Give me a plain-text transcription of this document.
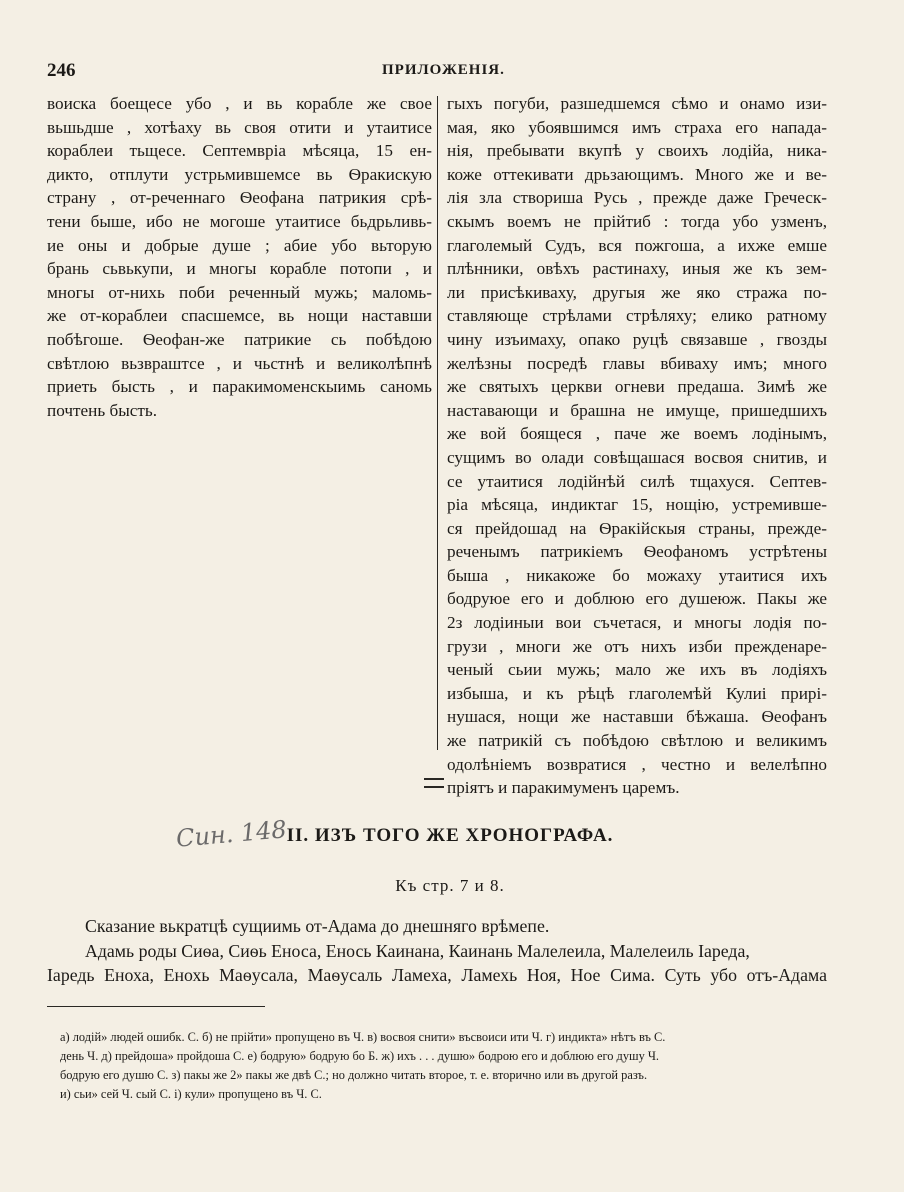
246	ПРИЛОЖЕНІЯ.
воиска боещесе убо , и вь корабле же свое
вьшьдше , хотѣаху вь своя отити и утаитисе
кораблеи тьщесе. Септемвріа мѣсяца, 15 ен-
дикто, отплути устрьмившемсе вь Ѳракискую
страну , от-реченнагo Ѳеофана патрикия срѣ-
тени быше, ибо не могоше утаитисе бьдрьливь-
ие оны и добрые душе ; абие убо вьторую
брань сьвькупи, и многы корабле потопи , и
многы от-нихь поби реченный мужь; маломь-
же от-кораблеи спасшемсе, вь нощи наставши
побѣгоше. Ѳеофан-же патрикие сь побѣдою
свѣтлою вьзвраштсе , и чьстнѣ и великолѣпнѣ
приеть бысть , и паракимоменскыимь санoмь
почтень бысть.
гыхъ погуби, разшедшемся сѣмо и онамо изи-
мая, яко убоявшимся имъ страха его нападa-
нія, пребывати вкупѣ у своихъ лодійа, ника-
коже оттекивати дрьзающимъ. Много же и ве-
лія зла створиша Русь , прежде даже Греческ-
скымъ воемъ не прійтиб : тогда убо узменъ,
глаголемый Судъ, вся пожгоша, а ихже емше
плѣнники, овѣхъ растинаху, иныя же къ зем-
ли присѣкиваху, другыя же яко стража по-
ставляюще стрѣлами стрѣляху; елико ратному
чину изъимаху, опако руцѣ связавше , гвозды
желѣзны посредѣ главы вбиваху имъ; много
же святыхъ церкви огневи предаша. Зимѣ же
наставающи и брашна не имуще, пришедшихъ
же вой боящеся , паче же воемъ лодінымъ,
сущимъ во олади совѣщашася восвоя снитив, и
се утаитися лодійнѣй силѣ тщахуся. Септев-
ріа мѣсяца, индиктаг 15, нощію, устремивше-
ся прейдошад на Ѳракійскыя страны, прежде-
реченымъ патрикіемъ Ѳеофаномъ устрѣтены
быша , никакоже бо можаху утаитися ихъ
бодруюе его и доблюю его душеюж. Пакы же
2з лодіиныи вои съчетася, и многы лодія по-
грузи , многи же отъ нихъ изби прежденаре-
ченый сьии мужь; мало же ихъ въ лодіяхъ
избыша, и къ рѣцѣ глаголемѣй Кулиі прирі-
нушася, нощи же наставши бѣжаша. Ѳеофанъ
же патрикій съ побѣдою свѣтлою и великимъ
одолѣніемъ возвратися , честно и велелѣпно
пріятъ и паракимуменъ царемъ.
Син. 148
II. ИЗЪ ТОГО ЖЕ ХРОНОГРАФА.
Къ стр. 7 и 8.
Сказание вькратцѣ сущиимь от-Адама до днешняго врѣмепе.
Адамь роды Сиѳа, Сиѳь Еноса, Енось Каинана, Каинань Малелеила, Малелеиль Іареда,
Іаредь Еноха, Енохь Маѳусала, Маѳусаль Ламеха, Ламехь Ноя, Ное Сима. Суть убо отъ-Адама
а) лодій» людей ошибк. С. б) не прійти» пропущено въ Ч. в) восвоя снити» въсвоиси ити Ч. г) индикта» нѣтъ въ С.
день Ч. д) прейдоша» пройдоша С. е) бодрую» бодрую бо Б. ж) ихъ . . . душю» бодрою его и доблюю его душу Ч.
бодрую его душю С. з) пакы же 2» пакы же двѣ С.; но должно читать второе, т. е. вторично или въ другой разъ.
и) сьи» сей Ч. сый С. і) кули» пропущено въ Ч. С.
